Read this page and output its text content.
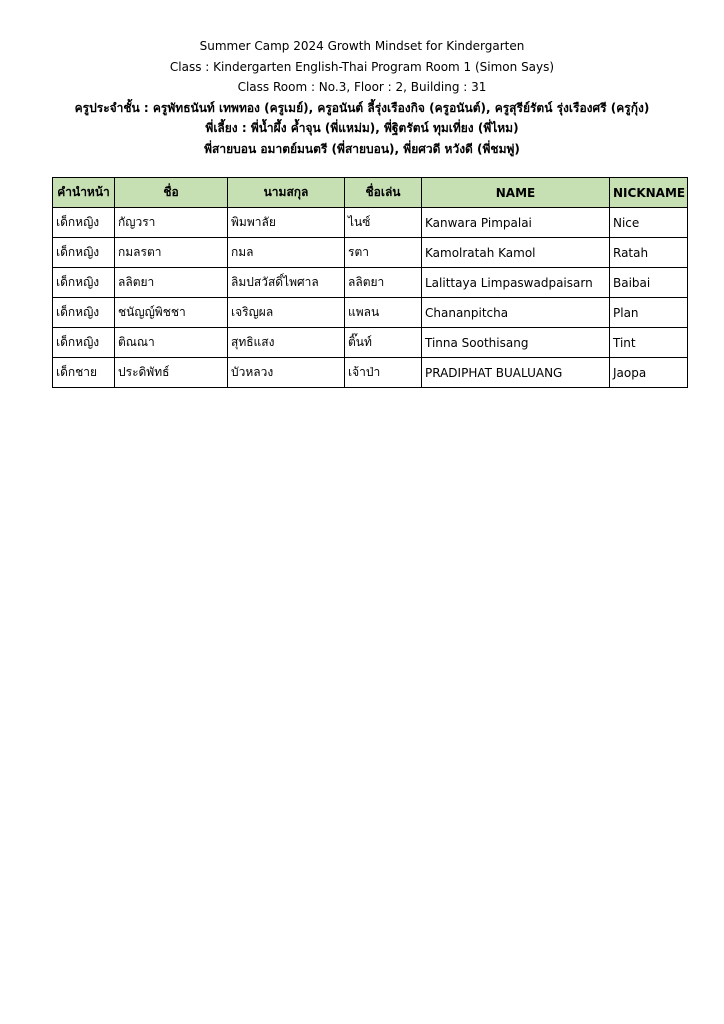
Summer Camp 2024 Growth Mindset for Kindergarten
Class : Kindergarten English-Thai Program Room 1 (Simon Says)
Class Room : No.3, Floor : 2, Building : 31
ครูประจำชั้น : ครูพัทธนันท์ เทพทอง (ครูเมย์), ครูอนันต์ ลี้รุ่งเรืองกิจ (ครูอนันต์), ครูสุรีย์รัตน์ รุ่งเรืองศรี (ครูกุ้ง)
พี่เลี้ยง : พี่น้ำผึ้ง ค้ำจุน (พี่แหม่ม), พี่ฐิตรัตน์ ทุมเที่ยง (พี่ไหม)
พี่สายบอน อมาตย์มนตรี (พี่สายบอน), พี่ยศวดี หวังดี (พี่ชมพู่)
คำนำหน้า	ชื่อ	นามสกุล	ชื่อเล่น	NAME	NICKNAME
เด็กหญิง	กัญวรา	พิมพาลัย	ไนซ์	Kanwara Pimpalai	Nice
เด็กหญิง	กมลรตา	กมล	รตา	Kamolratah Kamol	Ratah
เด็กหญิง	ลลิตยา	ลิมปสวัสดิ์ไพศาล	ลลิตยา	Lalittaya Limpaswadpaisarn	Baibai
เด็กหญิง	ชนัญญ์พิชชา	เจริญผล	แพลน	Chananpitcha	Plan
เด็กหญิง	ติณณา	สุทธิแสง	ติ๊นท์	Tinna Soothisang	Tint
เด็กชาย	ประดิพัทธ์	บัวหลวง	เจ้าป่า	PRADIPHAT BUALUANG	Jaopa
